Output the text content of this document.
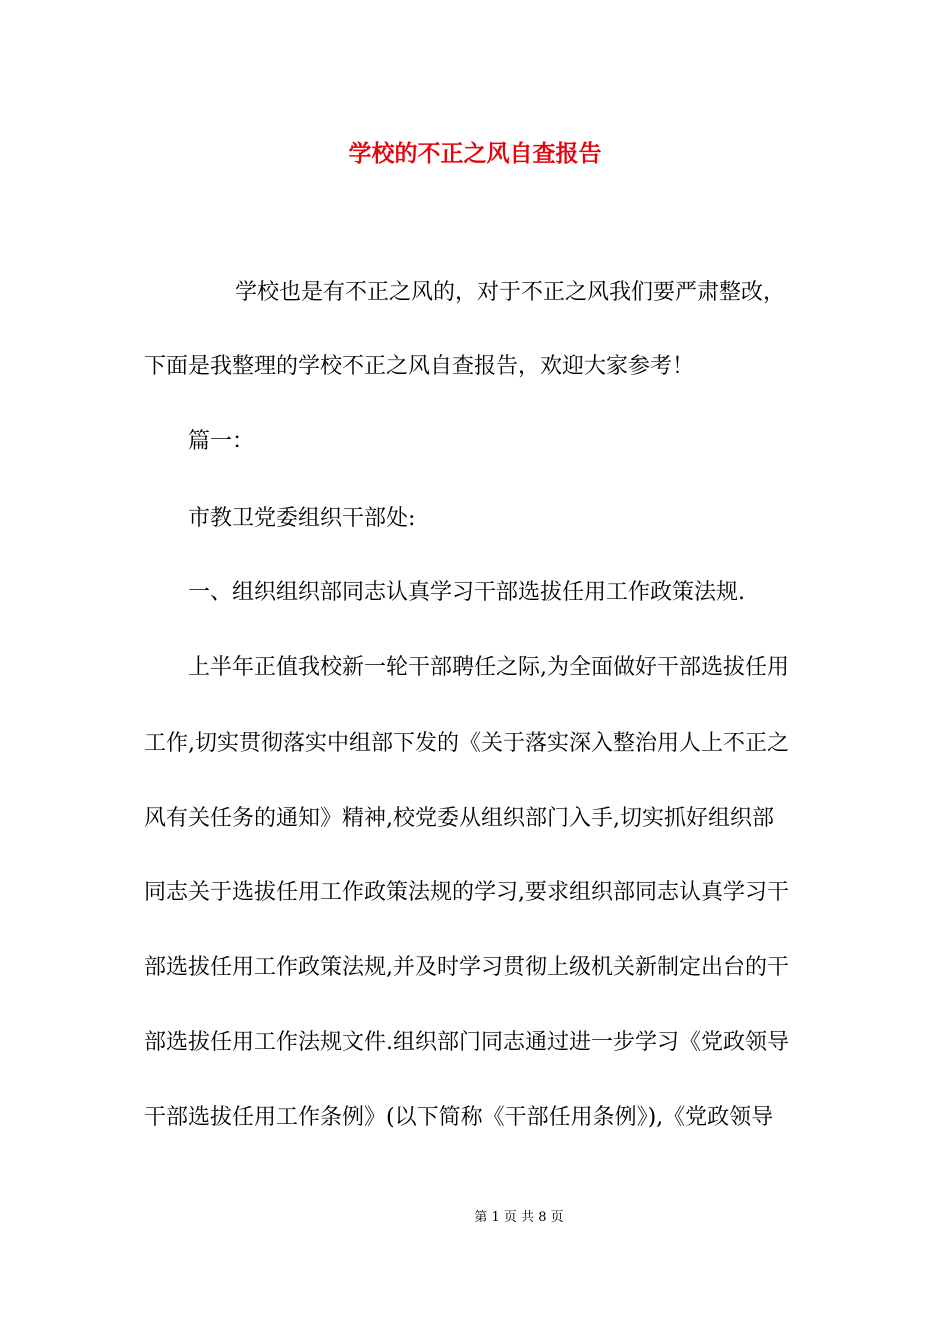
学校的不正之风自查报告
学校也是有不正之风的，对于不正之风我们要严肃整改，
下面是我整理的学校不正之风自查报告，欢迎大家参考！
篇一：
市教卫党委组织干部处:
一、组织组织部同志认真学习干部选拔任用工作政策法规.
上半年正值我校新一轮干部聘任之际,为全面做好干部选拔任用
工作,切实贯彻落实中组部下发的《关于落实深入整治用人上不正之
风有关任务的通知》精神,校党委从组织部门入手,切实抓好组织部
同志关于选拔任用工作政策法规的学习,要求组织部同志认真学习干
部选拔任用工作政策法规,并及时学习贯彻上级机关新制定出台的干
部选拔任用工作法规文件.组织部门同志通过进一步学习《党政领导
干部选拔任用工作条例》(以下简称《干部任用条例》),《党政领导
第 1 页 共 8 页
